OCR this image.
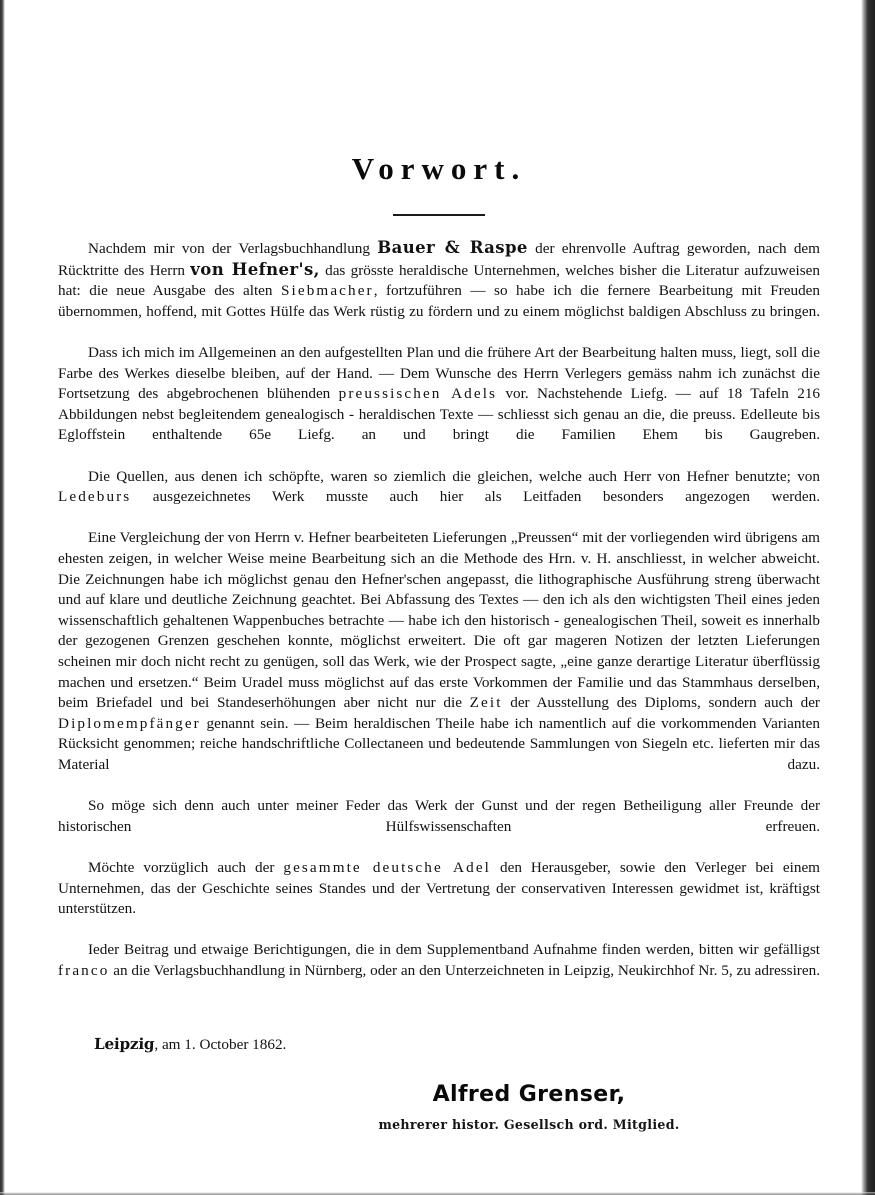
Vorwort.

Nachdem mir von der Verlagsbuchhandlung Bauer & Raspe der ehrenvolle Auftrag geworden, nach dem Rücktritte des Herrn von Hefner's, das grösste heraldische Unternehmen, welches bisher die Literatur aufzuweisen hat: die neue Ausgabe des alten Siebmacher, fortzuführen — so habe ich die fernere Bearbeitung mit Freuden übernommen, hoffend, mit Gottes Hülfe das Werk rüstig zu fördern und zu einem möglichst baldigen Abschluss zu bringen.

Dass ich mich im Allgemeinen an den aufgestellten Plan und die frühere Art der Bearbeitung halten muss, liegt, soll die Farbe des Werkes dieselbe bleiben, auf der Hand. — Dem Wunsche des Herrn Verlegers gemäss nahm ich zunächst die Fortsetzung des abgebrochenen blühenden preussischen Adels vor. Nachstehende Liefg. — auf 18 Tafeln 216 Abbildungen nebst begleitendem genealogisch - heraldischen Texte — schliesst sich genau an die, die preuss. Edelleute bis Egloffstein enthaltende 65e Liefg. an und bringt die Familien Ehem bis Gaugreben.

Die Quellen, aus denen ich schöpfte, waren so ziemlich die gleichen, welche auch Herr von Hefner benutzte; von Ledeburs ausgezeichnetes Werk musste auch hier als Leitfaden besonders angezogen werden.

Eine Vergleichung der von Herrn v. Hefner bearbeiteten Lieferungen „Preussen“ mit der vorliegenden wird übrigens am ehesten zeigen, in welcher Weise meine Bearbeitung sich an die Methode des Hrn. v. H. anschliesst, in welcher abweicht. Die Zeichnungen habe ich möglichst genau den Hefner'schen angepasst, die lithographische Ausführung streng überwacht und auf klare und deutliche Zeichnung geachtet. Bei Abfassung des Textes — den ich als den wichtigsten Theil eines jeden wissenschaftlich gehaltenen Wappenbuches betrachte — habe ich den historisch - genealogischen Theil, soweit es innerhalb der gezogenen Grenzen geschehen konnte, möglichst erweitert. Die oft gar mageren Notizen der letzten Lieferungen scheinen mir doch nicht recht zu genügen, soll das Werk, wie der Prospect sagte, „eine ganze derartige Literatur überflüssig machen und ersetzen.“ Beim Uradel muss möglichst auf das erste Vorkommen der Familie und das Stammhaus derselben, beim Briefadel und bei Standeserhöhungen aber nicht nur die Zeit der Ausstellung des Diploms, sondern auch der Diplomempfänger genannt sein. — Beim heraldischen Theile habe ich namentlich auf die vorkommenden Varianten Rücksicht genommen; reiche handschriftliche Collectaneen und bedeutende Sammlungen von Siegeln etc. lieferten mir das Material dazu.

So möge sich denn auch unter meiner Feder das Werk der Gunst und der regen Betheiligung aller Freunde der historischen Hülfswissenschaften erfreuen.

Möchte vorzüglich auch der gesammte deutsche Adel den Herausgeber, sowie den Verleger bei einem Unternehmen, das der Geschichte seines Standes und der Vertretung der conservativen Interessen gewidmet ist, kräftigst unterstützen.

Ieder Beitrag und etwaige Berichtigungen, die in dem Supplementband Aufnahme finden werden, bitten wir gefälligst franco an die Verlagsbuchhandlung in Nürnberg, oder an den Unterzeichneten in Leipzig, Neukirchhof Nr. 5, zu adressiren.

Leipzig, am 1. October 1862.
Alfred Grenser,
mehrerer histor. Gesellsch ord. Mitglied.
